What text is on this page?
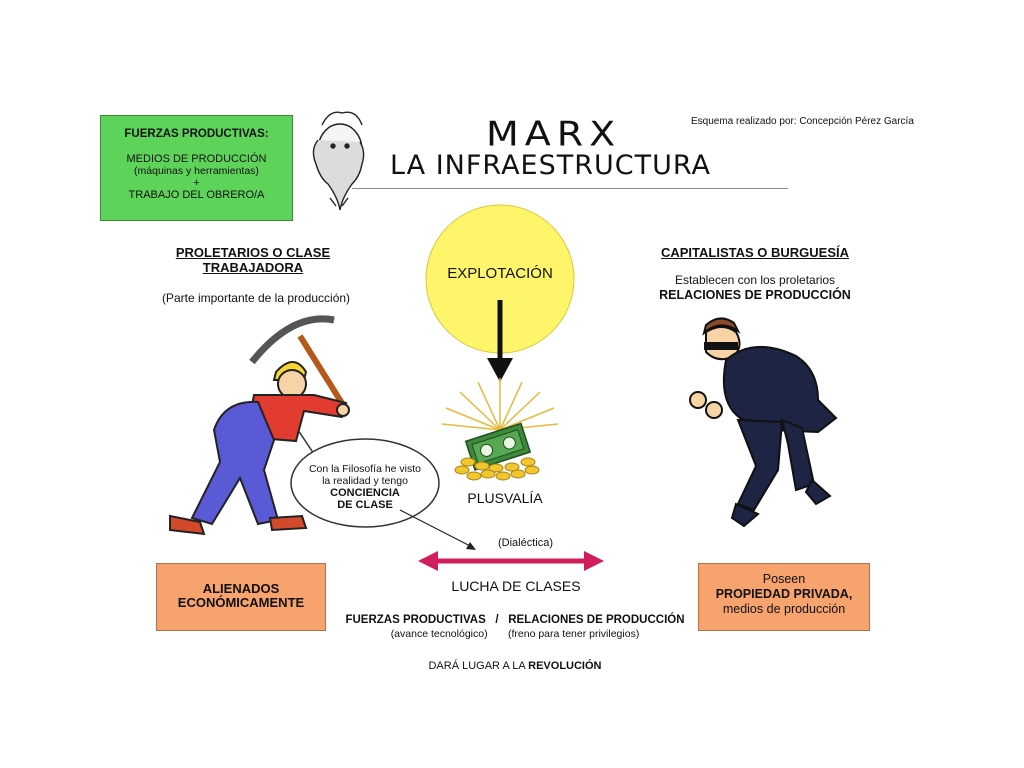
FUERZAS PRODUCTIVAS:
MEDIOS DE PRODUCCIÓN
(máquinas y herramientas)
+
TRABAJO DEL OBRERO/A
Esquema realizado por: Concepción Pérez García
MARX
LA INFRAESTRUCTURA
PROLETARIOS O CLASE
TRABAJADORA
(Parte importante de la producción)
CAPITALISTAS O BURGUESÍA
Establecen con los proletarios
RELACIONES DE PRODUCCIÓN
EXPLOTACIÓN
PLUSVALÍA
Con la Filosofía he visto
la realidad y tengo
CONCIENCIA
DE CLASE
(Dialéctica)
LUCHA DE CLASES
ALIENADOS
ECONÓMICAMENTE
Poseen
PROPIEDAD PRIVADA,
medios de producción
FUERZAS PRODUCTIVAS / RELACIONES DE PRODUCCIÓN
(avance tecnológico) (freno para tener privilegios)
DARÁ LUGAR A LA REVOLUCIÓN
